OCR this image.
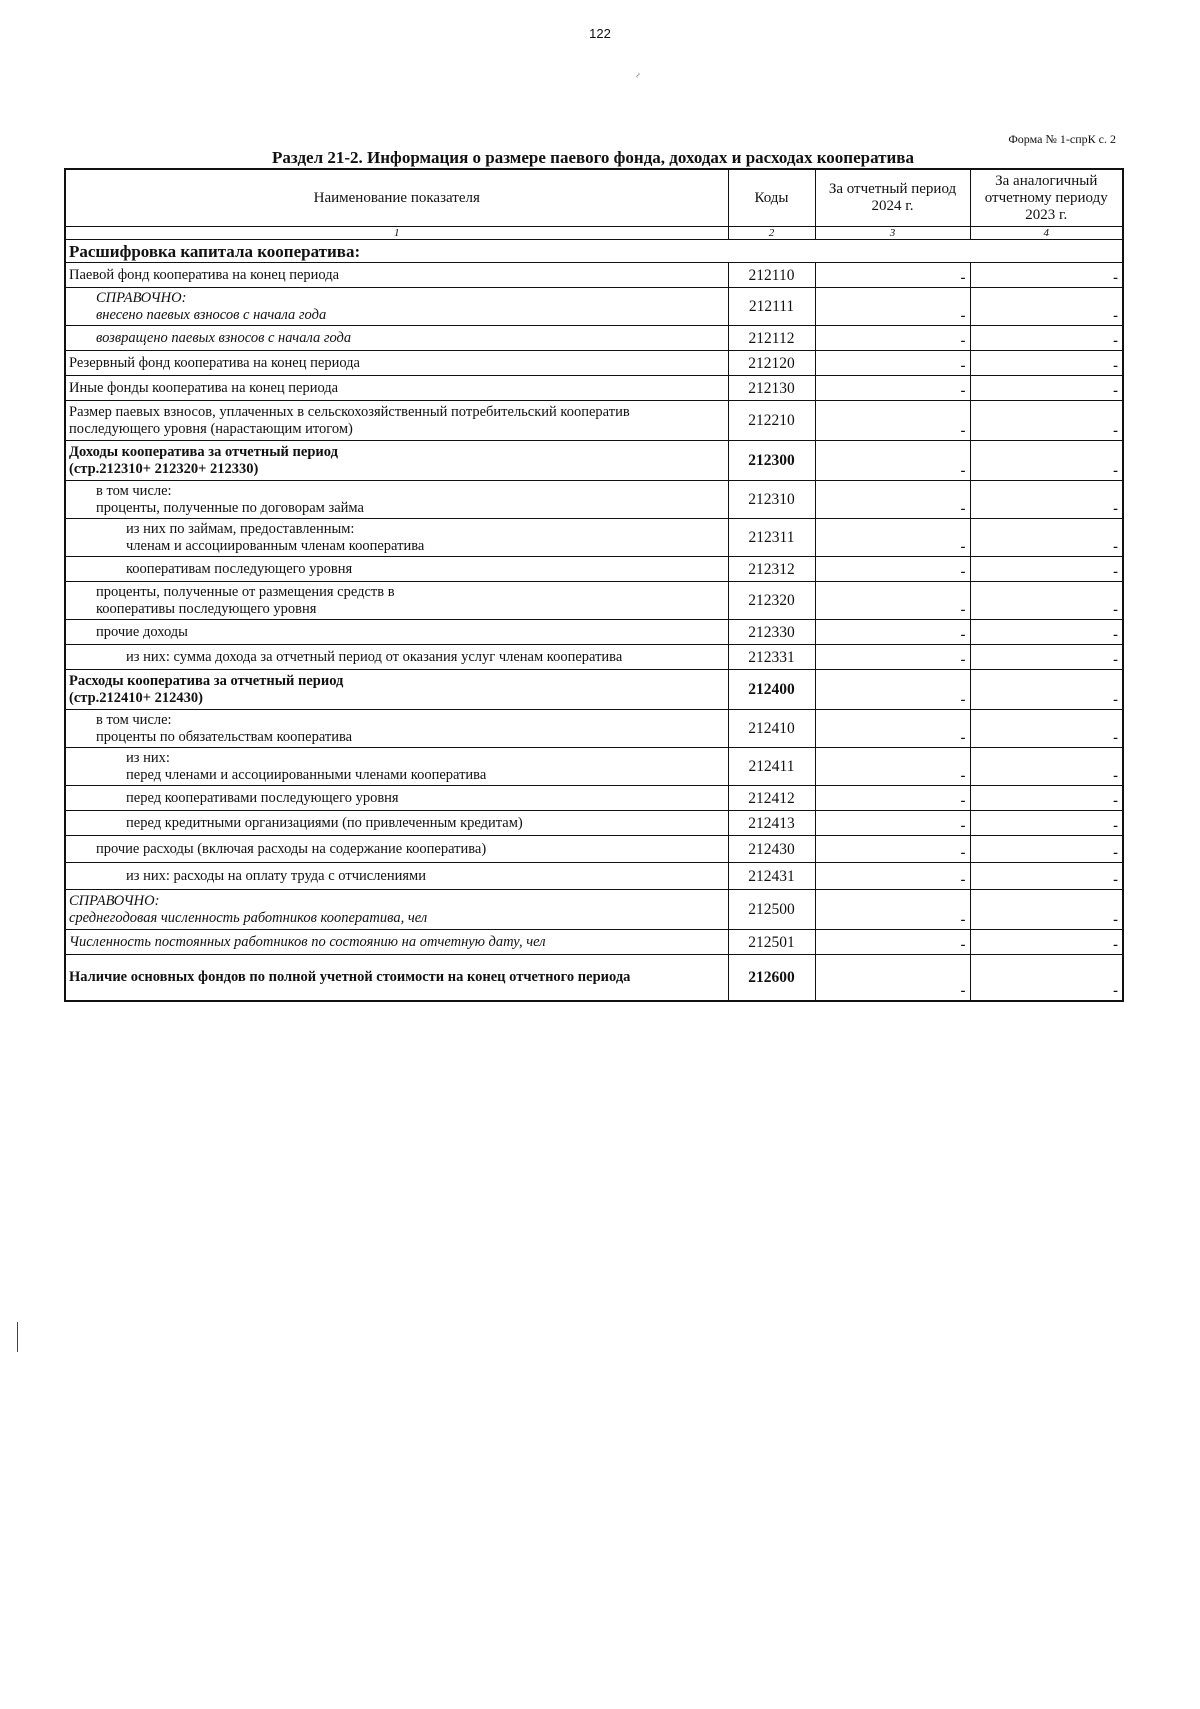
122
~
Форма № 1-спрК с. 2
Раздел 21-2. Информация о размере паевого фонда, доходах и расходах кооператива
Наименование показателя	Коды	За отчетный период 2024 г.	За аналогичный отчетному периоду 2023 г.
1	2	3	4
Расшифровка капитала кооператива:			
Паевой фонд кооператива на конец периода	212110	-	-

СПРАВОЧНО:
внесено паевых взносов с начала года	212111	-	-
возвращено паевых взносов с начала года	212112	-	-
Резервный фонд кооператива на конец периода	212120	-	-
Иные фонды кооператива на конец периода	212130	-	-

Размер паевых взносов, уплаченных в сельскохозяйственный потребительский кооператив
последующего уровня (нарастающим итогом)	212210	-	-

Доходы кооператива за отчетный период
(стр.212310+ 212320+ 212330)	212300	-	-

в том числе:
проценты, полученные по договорам займа	212310	-	-

из них по займам, предоставленным:
членам и ассоциированным членам кооператива	212311	-	-
кооперативам последующего уровня	212312	-	-

проценты, полученные от размещения средств в
кооперативы последующего уровня	212320	-	-
прочие доходы	212330	-	-
из них: сумма дохода за отчетный период от оказания услуг членам кооператива	212331	-	-

Расходы кооператива за отчетный период
(стр.212410+ 212430)	212400	-	-

в том числе:
проценты по обязательствам кооператива	212410	-	-

из них:
перед членами и ассоциированными членами кооператива	212411	-	-
перед кооперативами последующего уровня	212412	-	-
перед кредитными организациями (по привлеченным кредитам)	212413	-	-
прочие расходы (включая расходы на содержание кооператива)	212430	-	-
из них: расходы на оплату труда с отчислениями	212431	-	-

СПРАВОЧНО:
среднегодовая численность работников кооператива, чел	212500	-	-
Численность постоянных работников по состоянию на отчетную дату, чел	212501	-	-
Наличие основных фондов по полной учетной стоимости на конец отчетного периода	212600	-	-
